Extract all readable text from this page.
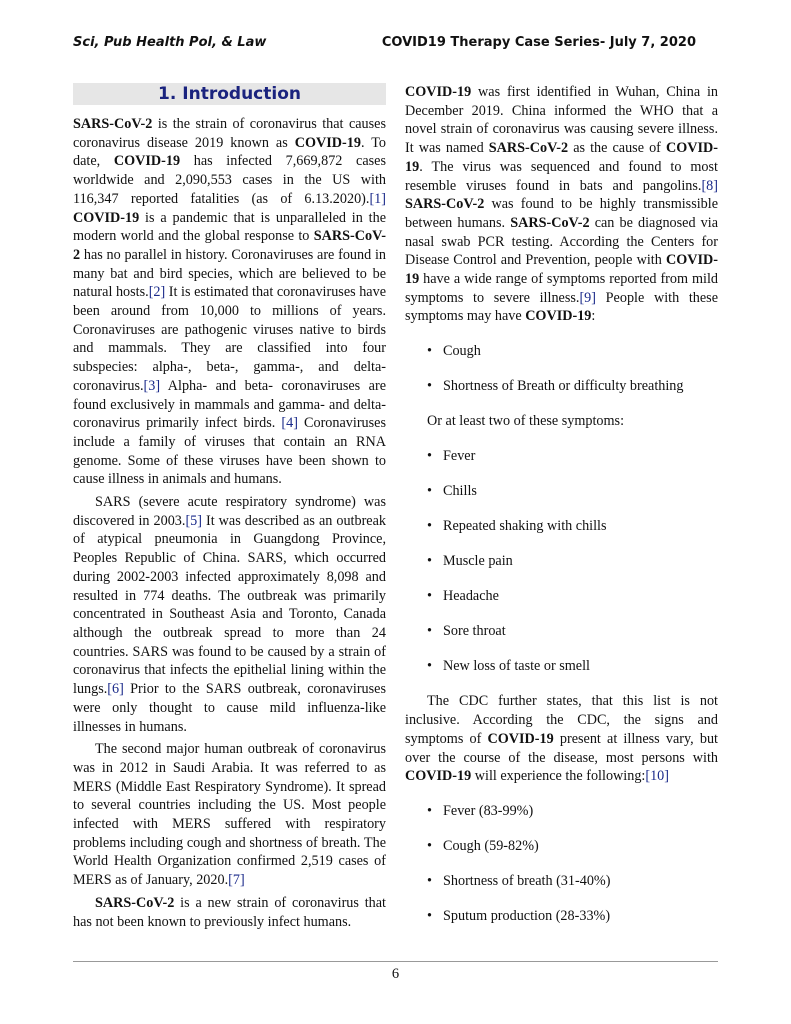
Sci, Pub Health Pol, & Law	COVID19 Therapy Case Series- July 7, 2020
1. Introduction

SARS-CoV-2 is the strain of coronavirus that causes coronavirus disease 2019 known as COVID-19. To date, COVID-19 has infected 7,669,872 cases worldwide and 2,090,553 cases in the US with 116,347 reported fatalities (as of 6.13.2020).[1] COVID-19 is a pandemic that is unparalleled in the modern world and the global response to SARS-CoV-2 has no parallel in history. Coronaviruses are found in many bat and bird species, which are believed to be natural hosts.[2] It is estimated that coronaviruses have been around from 10,000 to millions of years. Coronaviruses are pathogenic viruses native to birds and mammals. They are classified into four subspecies: alpha-, beta-, gamma-, and delta- coronavirus.[3] Alpha- and beta- coronaviruses are found exclusively in mammals and gamma- and delta-coronavirus primarily infect birds. [4] Coronaviruses include a family of viruses that contain an RNA genome. Some of these viruses have been shown to cause illness in animals and humans.

SARS (severe acute respiratory syndrome) was discovered in 2003.[5] It was described as an outbreak of atypical pneumonia in Guangdong Province, Peoples Republic of China. SARS, which occurred during 2002-2003 infected approximately 8,098 and resulted in 774 deaths. The outbreak was primarily concentrated in Southeast Asia and Toronto, Canada although the outbreak spread to more than 24 countries. SARS was found to be caused by a strain of coronavirus that infects the epithelial lining within the lungs.[6] Prior to the SARS outbreak, coronaviruses were only thought to cause mild influenza-like illnesses in humans.

The second major human outbreak of coronavirus was in 2012 in Saudi Arabia. It was referred to as MERS (Middle East Respiratory Syndrome). It spread to several countries including the US. Most people infected with MERS suffered with respiratory problems including cough and shortness of breath. The World Health Organization confirmed 2,519 cases of MERS as of January, 2020.[7]

SARS-CoV-2 is a new strain of coronavirus that has not been known to previously infect humans.

COVID-19 was first identified in Wuhan, China in December 2019. China informed the WHO that a novel strain of coronavirus was causing severe illness. It was named SARS-CoV-2 as the cause of COVID-19. The virus was sequenced and found to most resemble viruses found in bats and pangolins.[8] SARS-CoV-2 was found to be highly transmissible between humans. SARS-CoV-2 can be diagnosed via nasal swab PCR testing. According the Centers for Disease Control and Prevention, people with COVID-19 have a wide range of symptoms reported from mild symptoms to severe illness.[9] People with these symptoms may have COVID-19:

• Cough
• Shortness of Breath or difficulty breathing

Or at least two of these symptoms:

• Fever
• Chills
• Repeated shaking with chills
• Muscle pain
• Headache
• Sore throat
• New loss of taste or smell

The CDC further states, that this list is not inclusive. According the CDC, the signs and symptoms of COVID-19 present at illness vary, but over the course of the disease, most persons with COVID-19 will experience the following:[10]

• Fever (83-99%)
• Cough (59-82%)
• Shortness of breath (31-40%)
• Sputum production (28-33%)
6
